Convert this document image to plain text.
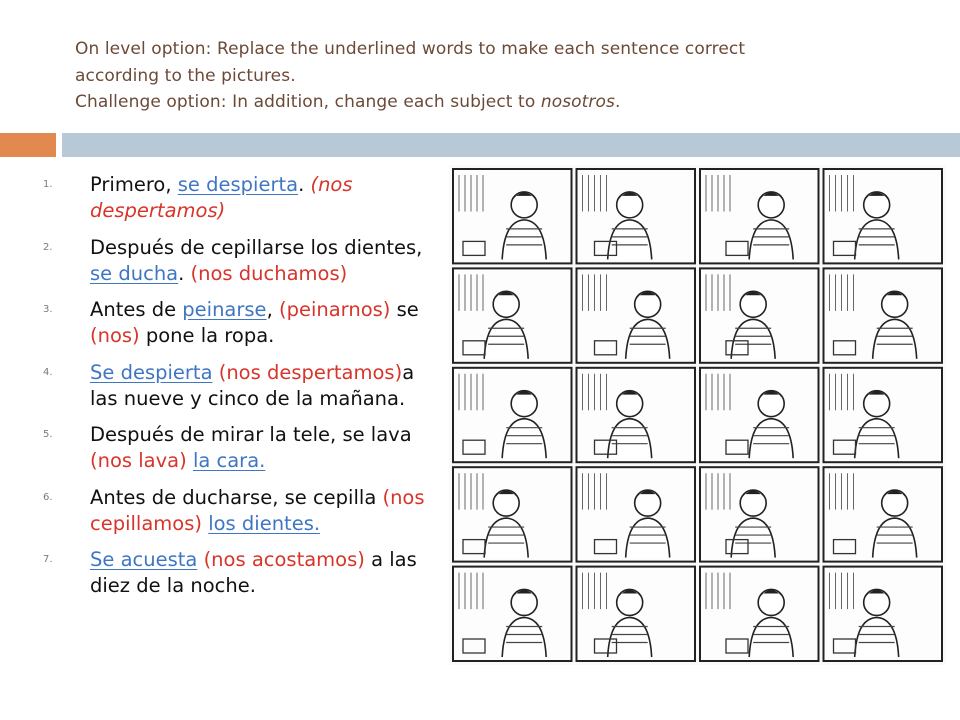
On level option: Replace the underlined words to make each sentence correct
according to the pictures.
Challenge option: In addition, change each subject to nosotros.
1. Primero, se despierta. (nos despertamos)
2. Después de cepillarse los dientes, se ducha. (nos duchamos)
3. Antes de peinarse, (peinarnos) se (nos) pone la ropa.
4. Se despierta (nos despertamos)a las nueve y cinco de la mañana.
5. Después de mirar la tele, se lava (nos lava) la cara.
6. Antes de ducharse, se cepilla (nos cepillamos) los dientes.
7. Se acuesta (nos acostamos) a las diez de la noche.
